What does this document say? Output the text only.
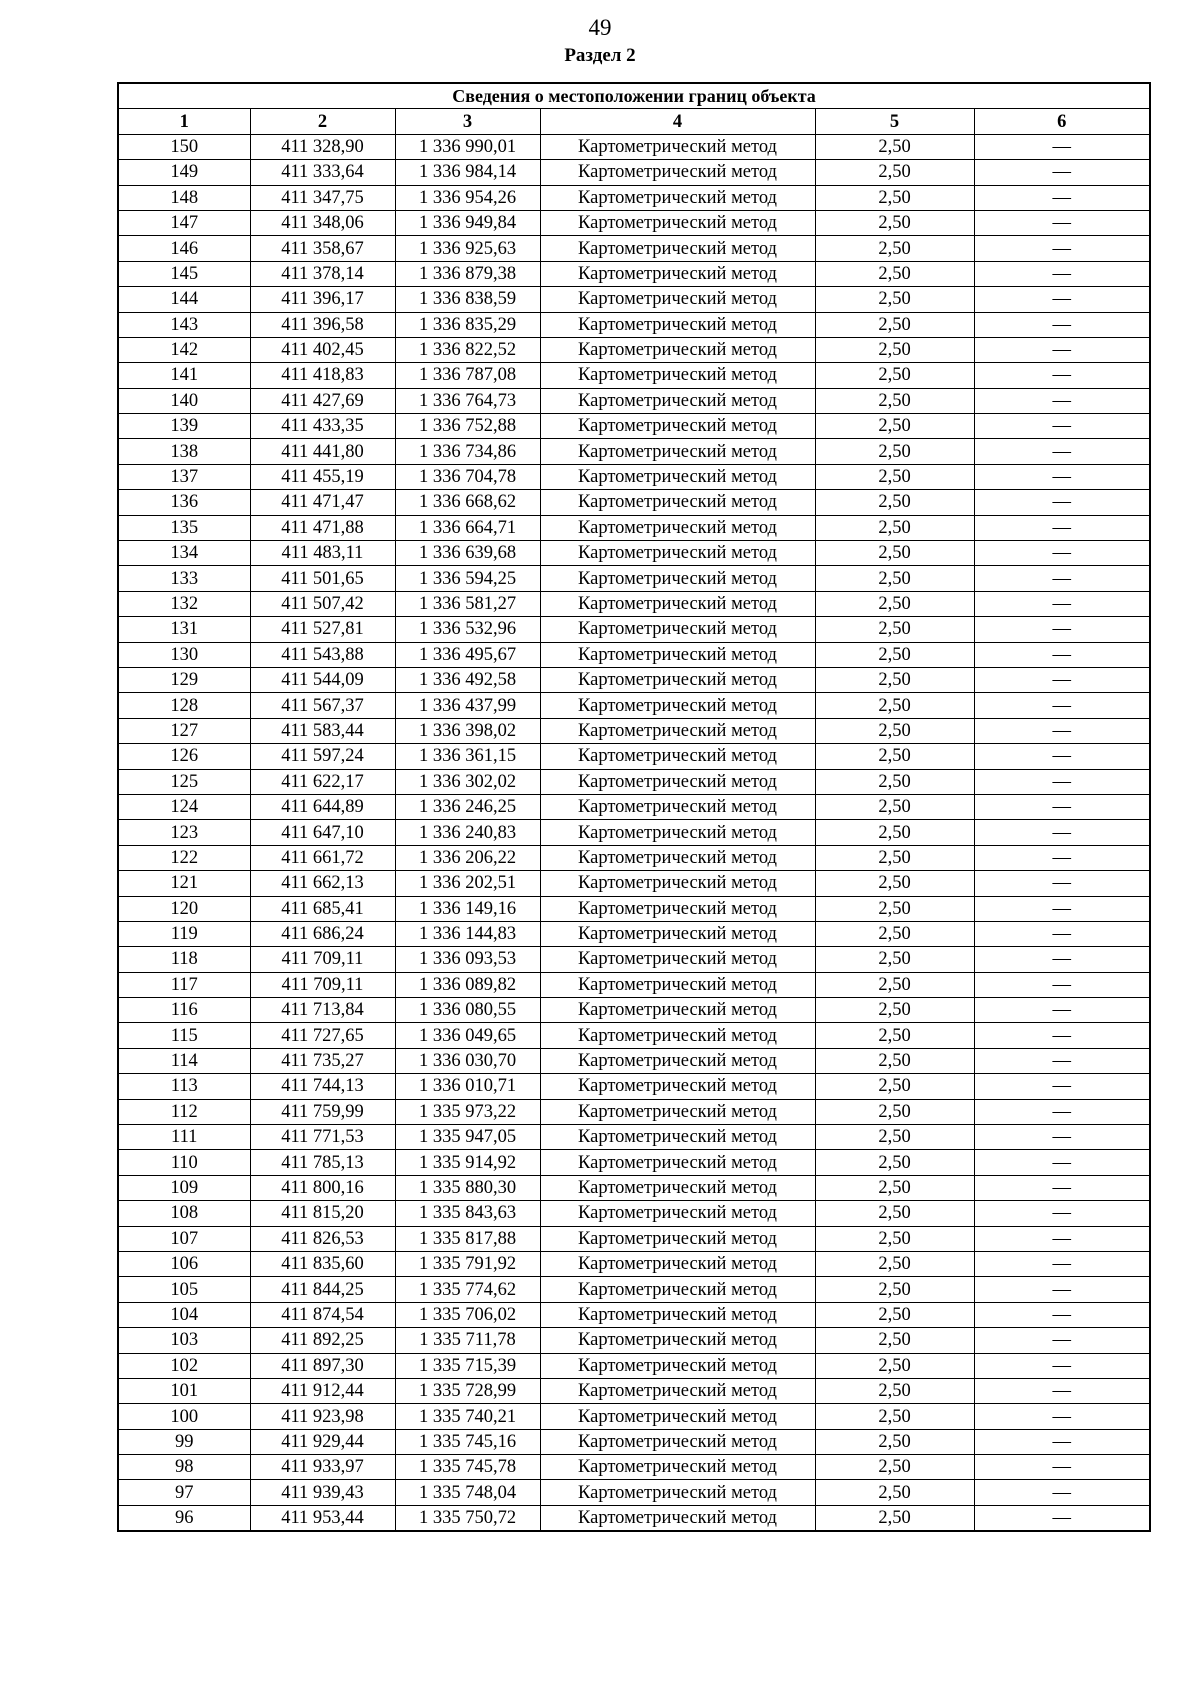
49
Раздел 2
Сведения о местоположении границ объекта					
1	2	3	4	5	6
150	411 328,90	1 336 990,01	Картометрический метод	2,50	—
149	411 333,64	1 336 984,14	Картометрический метод	2,50	—
148	411 347,75	1 336 954,26	Картометрический метод	2,50	—
147	411 348,06	1 336 949,84	Картометрический метод	2,50	—
146	411 358,67	1 336 925,63	Картометрический метод	2,50	—
145	411 378,14	1 336 879,38	Картометрический метод	2,50	—
144	411 396,17	1 336 838,59	Картометрический метод	2,50	—
143	411 396,58	1 336 835,29	Картометрический метод	2,50	—
142	411 402,45	1 336 822,52	Картометрический метод	2,50	—
141	411 418,83	1 336 787,08	Картометрический метод	2,50	—
140	411 427,69	1 336 764,73	Картометрический метод	2,50	—
139	411 433,35	1 336 752,88	Картометрический метод	2,50	—
138	411 441,80	1 336 734,86	Картометрический метод	2,50	—
137	411 455,19	1 336 704,78	Картометрический метод	2,50	—
136	411 471,47	1 336 668,62	Картометрический метод	2,50	—
135	411 471,88	1 336 664,71	Картометрический метод	2,50	—
134	411 483,11	1 336 639,68	Картометрический метод	2,50	—
133	411 501,65	1 336 594,25	Картометрический метод	2,50	—
132	411 507,42	1 336 581,27	Картометрический метод	2,50	—
131	411 527,81	1 336 532,96	Картометрический метод	2,50	—
130	411 543,88	1 336 495,67	Картометрический метод	2,50	—
129	411 544,09	1 336 492,58	Картометрический метод	2,50	—
128	411 567,37	1 336 437,99	Картометрический метод	2,50	—
127	411 583,44	1 336 398,02	Картометрический метод	2,50	—
126	411 597,24	1 336 361,15	Картометрический метод	2,50	—
125	411 622,17	1 336 302,02	Картометрический метод	2,50	—
124	411 644,89	1 336 246,25	Картометрический метод	2,50	—
123	411 647,10	1 336 240,83	Картометрический метод	2,50	—
122	411 661,72	1 336 206,22	Картометрический метод	2,50	—
121	411 662,13	1 336 202,51	Картометрический метод	2,50	—
120	411 685,41	1 336 149,16	Картометрический метод	2,50	—
119	411 686,24	1 336 144,83	Картометрический метод	2,50	—
118	411 709,11	1 336 093,53	Картометрический метод	2,50	—
117	411 709,11	1 336 089,82	Картометрический метод	2,50	—
116	411 713,84	1 336 080,55	Картометрический метод	2,50	—
115	411 727,65	1 336 049,65	Картометрический метод	2,50	—
114	411 735,27	1 336 030,70	Картометрический метод	2,50	—
113	411 744,13	1 336 010,71	Картометрический метод	2,50	—
112	411 759,99	1 335 973,22	Картометрический метод	2,50	—
111	411 771,53	1 335 947,05	Картометрический метод	2,50	—
110	411 785,13	1 335 914,92	Картометрический метод	2,50	—
109	411 800,16	1 335 880,30	Картометрический метод	2,50	—
108	411 815,20	1 335 843,63	Картометрический метод	2,50	—
107	411 826,53	1 335 817,88	Картометрический метод	2,50	—
106	411 835,60	1 335 791,92	Картометрический метод	2,50	—
105	411 844,25	1 335 774,62	Картометрический метод	2,50	—
104	411 874,54	1 335 706,02	Картометрический метод	2,50	—
103	411 892,25	1 335 711,78	Картометрический метод	2,50	—
102	411 897,30	1 335 715,39	Картометрический метод	2,50	—
101	411 912,44	1 335 728,99	Картометрический метод	2,50	—
100	411 923,98	1 335 740,21	Картометрический метод	2,50	—
99	411 929,44	1 335 745,16	Картометрический метод	2,50	—
98	411 933,97	1 335 745,78	Картометрический метод	2,50	—
97	411 939,43	1 335 748,04	Картометрический метод	2,50	—
96	411 953,44	1 335 750,72	Картометрический метод	2,50	—
